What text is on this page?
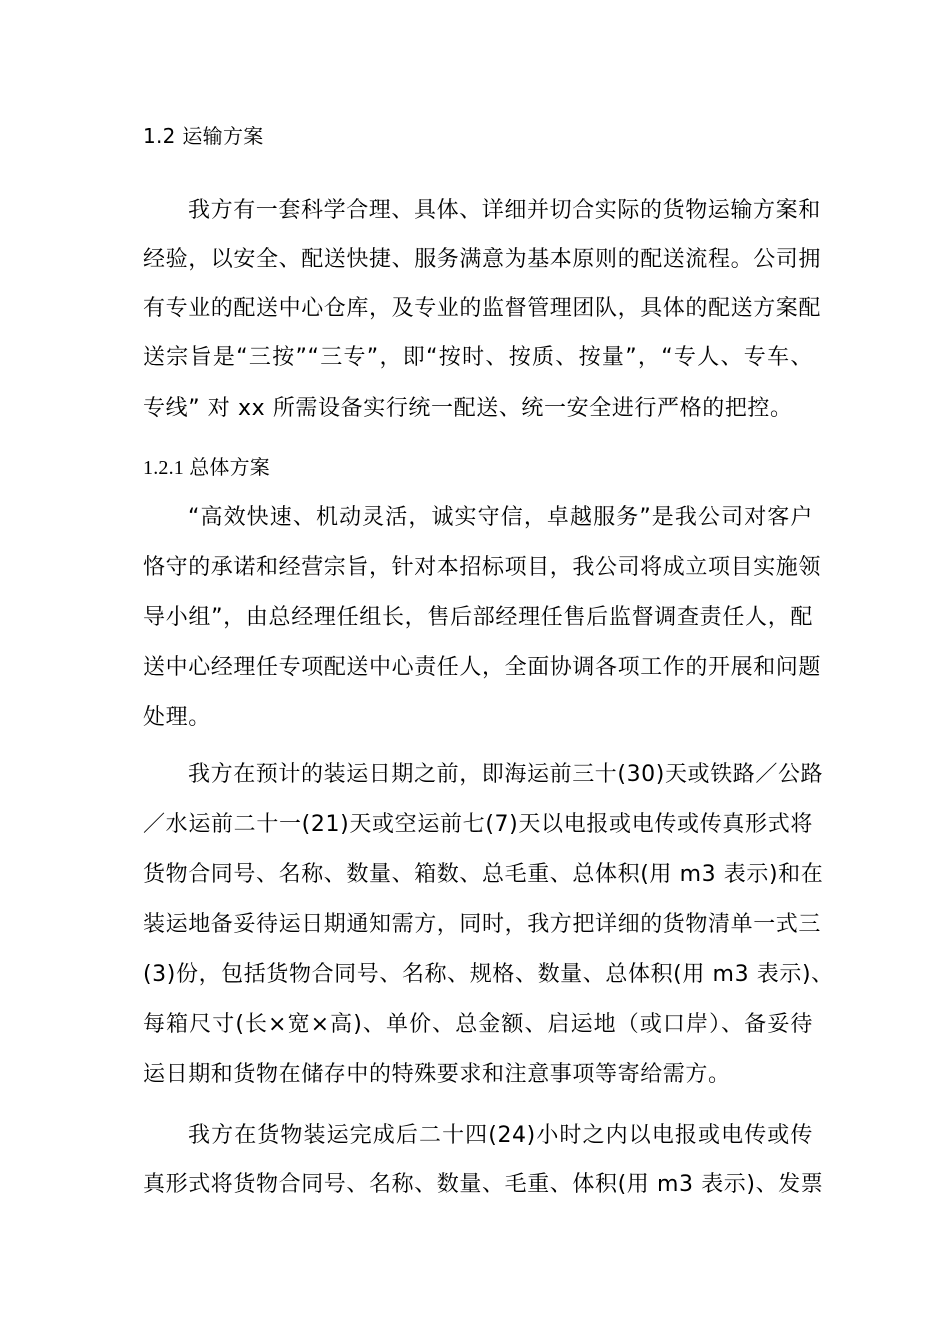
1.2 运输方案
我方有一套科学合理、具体、详细并切合实际的货物运输方案和
经验，以安全、配送快捷、服务满意为基本原则的配送流程。公司拥
有专业的配送中心仓库，及专业的监督管理团队，具体的配送方案配
送宗旨是“三按”“三专”，即“按时、按质、按量”，“专人、专车、
专线” 对 xx 所需设备实行统一配送、统一安全进行严格的把控。
1.2.1 总体方案
“高效快速、机动灵活，诚实守信，卓越服务”是我公司对客户
恪守的承诺和经营宗旨，针对本招标项目，我公司将成立项目实施领
导小组”，由总经理任组长，售后部经理任售后监督调查责任人，配
送中心经理任专项配送中心责任人，全面协调各项工作的开展和问题
处理。
我方在预计的装运日期之前，即海运前三十(30)天或铁路／公路
／水运前二十一(21)天或空运前七(7)天以电报或电传或传真形式将
货物合同号、名称、数量、箱数、总毛重、总体积(用 m3 表示)和在
装运地备妥待运日期通知需方，同时，我方把详细的货物清单一式三
(3)份，包括货物合同号、名称、规格、数量、总体积(用 m3 表示)、
每箱尺寸(长×宽×高)、单价、总金额、启运地（或口岸）、备妥待
运日期和货物在储存中的特殊要求和注意事项等寄给需方。
我方在货物装运完成后二十四(24)小时之内以电报或电传或传
真形式将货物合同号、名称、数量、毛重、体积(用 m3 表示)、发票
